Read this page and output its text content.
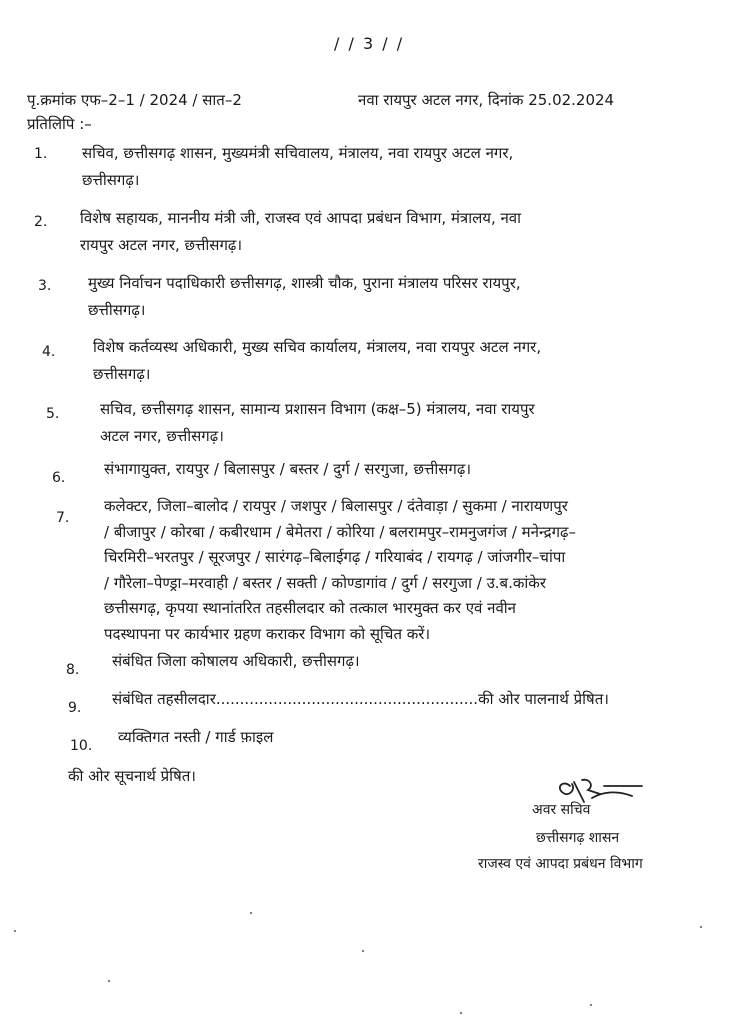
/ / 3 / /
पृ.क्रमांक एफ–2–1 / 2024 / सात–2	नवा रायपुर अटल नगर, दिनांक 25.02.2024
प्रतिलिपि :–
1. सचिव, छत्तीसगढ़ शासन, मुख्यमंत्री सचिवालय, मंत्रालय, नवा रायपुर अटल नगर,
छत्तीसगढ़।
2. विशेष सहायक, माननीय मंत्री जी, राजस्व एवं आपदा प्रबंधन विभाग, मंत्रालय, नवा
रायपुर अटल नगर, छत्तीसगढ़।
3. मुख्य निर्वाचन पदाधिकारी छत्तीसगढ़, शास्त्री चौक, पुराना मंत्रालय परिसर रायपुर,
छत्तीसगढ़।
4.	विशेष कर्तव्यस्थ अधिकारी, मुख्य सचिव कार्यालय, मंत्रालय, नवा रायपुर अटल नगर,
छत्तीसगढ़।
5.	सचिव, छत्तीसगढ़ शासन, सामान्य प्रशासन विभाग (कक्ष–5) मंत्रालय, नवा रायपुर
अटल नगर, छत्तीसगढ़।
6.	संभागायुक्त, रायपुर / बिलासपुर / बस्तर / दुर्ग / सरगुजा, छत्तीसगढ़।
7.
कलेक्टर, जिला–बालोद / रायपुर / जशपुर / बिलासपुर / दंतेवाड़ा / सुकमा / नारायणपुर
/ बीजापुर / कोरबा / कबीरधाम / बेमेतरा / कोरिया / बलरामपुर–रामनुजगंज / मनेन्द्रगढ़–
चिरमिरी–भरतपुर / सूरजपुर / सारंगढ़–बिलाईगढ़ / गरियाबंद / रायगढ़ / जांजगीर–चांपा
/ गौरेला–पेण्ड्रा–मरवाही / बस्तर / सक्ती / कोण्डागांव / दुर्ग / सरगुजा / उ.ब.कांकेर
छत्तीसगढ़, कृपया स्थानांतरित तहसीलदार को तत्काल भारमुक्त कर एवं नवीन
पदस्थापना पर कार्यभार ग्रहण कराकर विभाग को सूचित करें।
8. संबंधित जिला कोषालय अधिकारी, छत्तीसगढ़।
9. संबंधित तहसीलदार.......................................................की ओर पालनार्थ प्रेषित।
10. व्यक्तिगत नस्ती / गार्ड फ़ाइल
की ओर सूचनार्थ प्रेषित।
अवर सचिव
छत्तीसगढ़ शासन
राजस्व एवं आपदा प्रबंधन विभाग
